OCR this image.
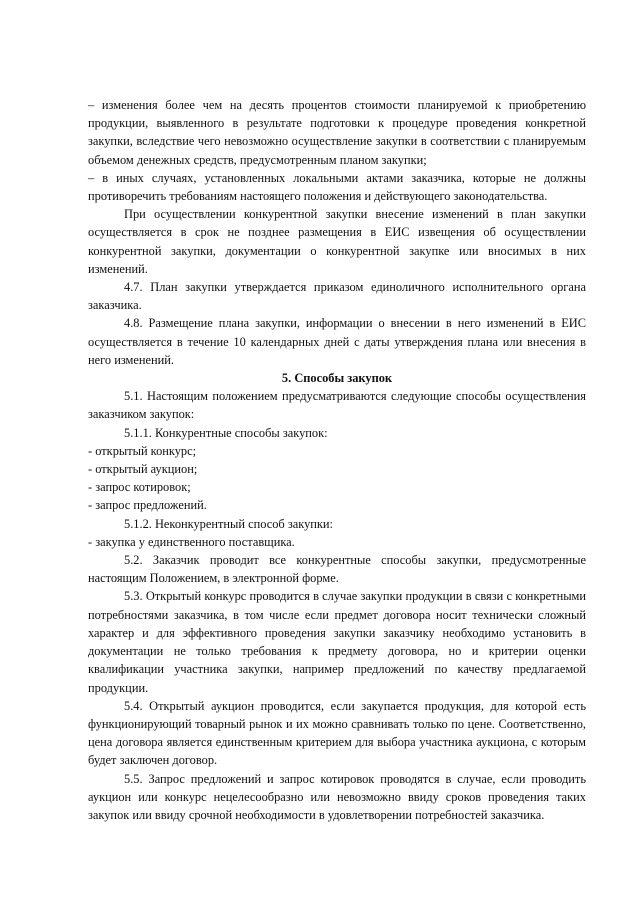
– изменения более чем на десять процентов стоимости планируемой к приобретению продукции, выявленного в результате подготовки к процедуре проведения конкретной закупки, вследствие чего невозможно осуществление закупки в соответствии с планируемым объемом денежных средств, предусмотренным планом закупки;

– в иных случаях, установленных локальными актами заказчика, которые не должны противоречить требованиям настоящего положения и действующего законодательства.

При осуществлении конкурентной закупки внесение изменений в план закупки осуществляется в срок не позднее размещения в ЕИС извещения об осуществлении конкурентной закупки, документации о конкурентной закупке или вносимых в них изменений.

4.7. План закупки утверждается приказом единоличного исполнительного органа заказчика.

4.8. Размещение плана закупки, информации о внесении в него изменений в ЕИС осуществляется в течение 10 календарных дней с даты утверждения плана или внесения в него изменений.

5. Способы закупок

5.1. Настоящим положением предусматриваются следующие способы осуществления заказчиком закупок:

5.1.1. Конкурентные способы закупок:

- открытый конкурс;

- открытый аукцион;

- запрос котировок;

- запрос предложений.

5.1.2. Неконкурентный способ закупки:

- закупка у единственного поставщика.

5.2. Заказчик проводит все конкурентные способы закупки, предусмотренные настоящим Положением, в электронной форме.

5.3. Открытый конкурс проводится в случае закупки продукции в связи с конкретными потребностями заказчика, в том числе если предмет договора носит технически сложный характер и для эффективного проведения закупки заказчику необходимо установить в документации не только требования к предмету договора, но и критерии оценки квалификации участника закупки, например предложений по качеству предлагаемой продукции.

5.4. Открытый аукцион проводится, если закупается продукция, для которой есть функционирующий товарный рынок и их можно сравнивать только по цене. Соответственно, цена договора является единственным критерием для выбора участника аукциона, с которым будет заключен договор.

5.5. Запрос предложений и запрос котировок проводятся в случае, если проводить аукцион или конкурс нецелесообразно или невозможно ввиду сроков проведения таких закупок или ввиду срочной необходимости в удовлетворении потребностей заказчика.
